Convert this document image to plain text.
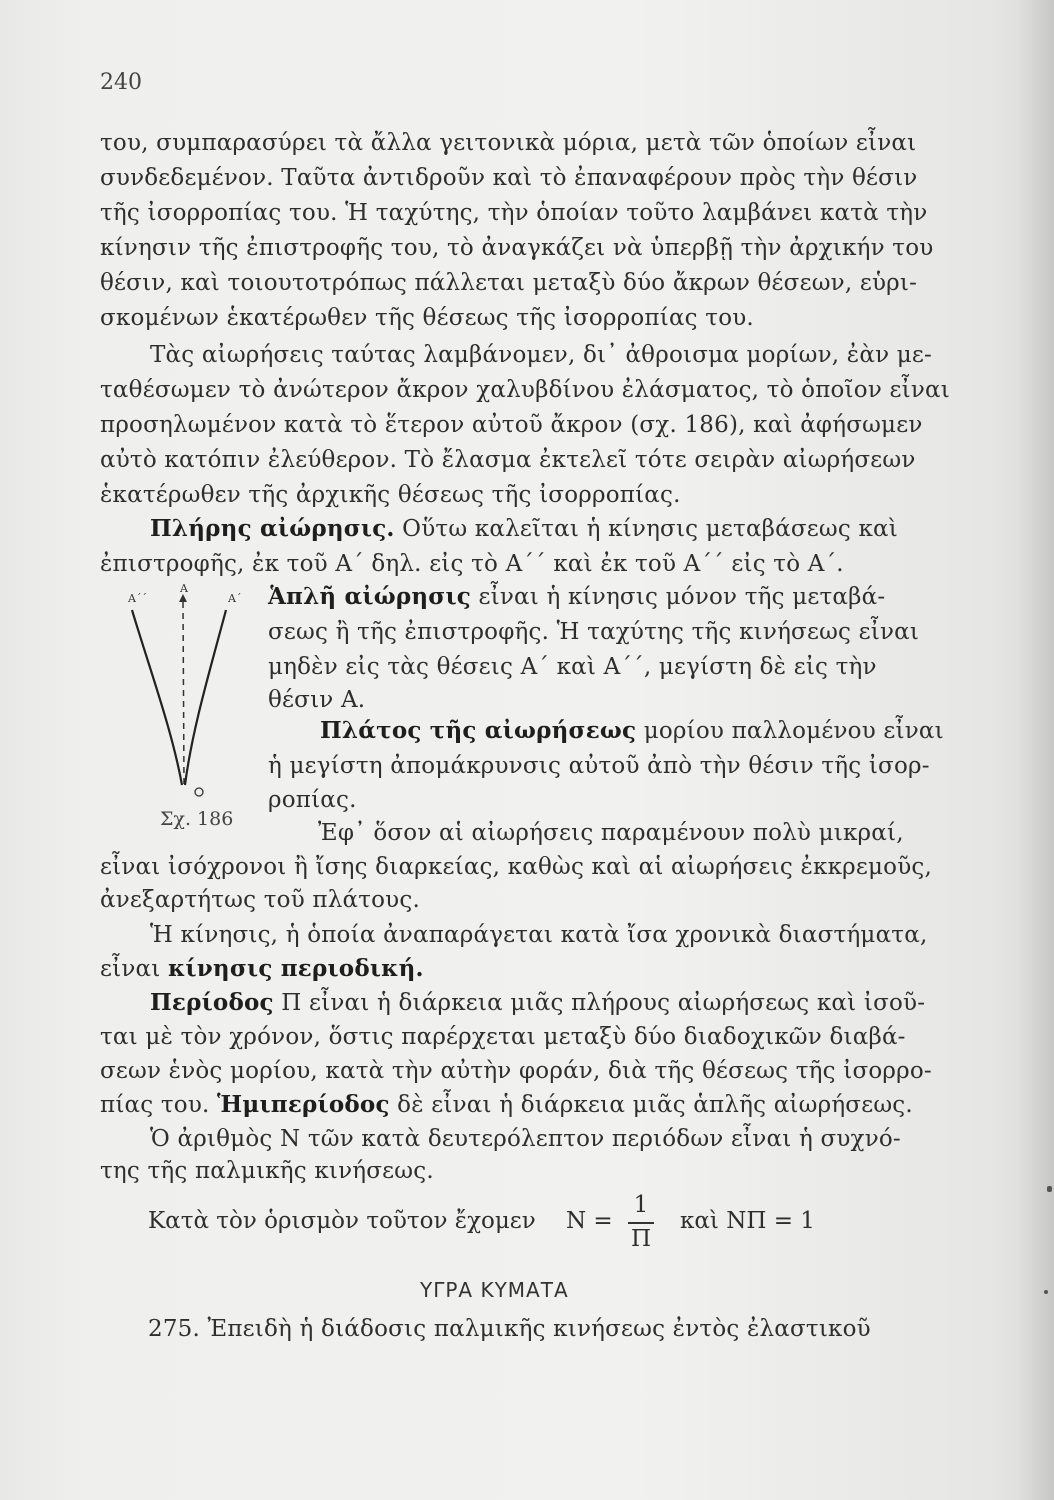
240
του, συμπαρασύρει τὰ ἄλλα γειτονικὰ μόρια, μετὰ τῶν ὁποίων εἶναι
συνδεδεμένον. Ταῦτα ἀντιδροῦν καὶ τὸ ἐπαναφέρουν πρὸς τὴν θέσιν
τῆς ἰσορροπίας του. Ἡ ταχύτης, τὴν ὁποίαν τοῦτο λαμβάνει κατὰ τὴν
κίνησιν τῆς ἐπιστροφῆς του, τὸ ἀναγκάζει νὰ ὑπερβῇ τὴν ἀρχικήν του
θέσιν, καὶ τοιουτοτρόπως πάλλεται μεταξὺ δύο ἄκρων θέσεων, εὑρι-
σκομένων ἑκατέρωθεν τῆς θέσεως τῆς ἰσορροπίας του.
Τὰς αἰωρήσεις ταύτας λαμβάνομεν, δι᾿ ἀθροισμα μορίων, ἐὰν με-
ταθέσωμεν τὸ ἀνώτερον ἄκρον χαλυβδίνου ἐλάσματος, τὸ ὁποῖον εἶναι
προσηλωμένον κατὰ τὸ ἕτερον αὐτοῦ ἄκρον (σχ. 186), καὶ ἀφήσωμεν
αὐτὸ κατόπιν ἐλεύθερον. Τὸ ἔλασμα ἐκτελεῖ τότε σειρὰν αἰωρήσεων
ἑκατέρωθεν τῆς ἀρχικῆς θέσεως τῆς ἰσορροπίας.
Πλήρης αἰώρησις. Οὕτω καλεῖται ἡ κίνησις μεταβάσεως καὶ
ἐπιστροφῆς, ἐκ τοῦ Α΄ δηλ. εἰς τὸ Α΄΄ καὶ ἐκ τοῦ Α΄΄ εἰς τὸ Α΄.
Α΄΄
Α
Α΄
Σχ. 186
Ἁπλῆ αἰώρησις εἶναι ἡ κίνησις μόνον τῆς μεταβά-
σεως ἢ τῆς ἐπιστροφῆς. Ἡ ταχύτης τῆς κινήσεως εἶναι
μηδὲν εἰς τὰς θέσεις Α΄ καὶ Α΄΄, μεγίστη δὲ εἰς τὴν
θέσιν Α.
Πλάτος τῆς αἰωρήσεως μορίου παλλομένου εἶναι
ἡ μεγίστη ἀπομάκρυνσις αὐτοῦ ἀπὸ τὴν θέσιν τῆς ἰσορ-
ροπίας.
Ἐφ᾿ ὅσον αἱ αἰωρήσεις παραμένουν πολὺ μικραί,
εἶναι ἰσόχρονοι ἢ ἴσης διαρκείας, καθὼς καὶ αἱ αἰωρήσεις ἐκκρεμοῦς,
ἀνεξαρτήτως τοῦ πλάτους.
Ἡ κίνησις, ἡ ὁποία ἀναπαράγεται κατὰ ἴσα χρονικὰ διαστήματα,
εἶναι κίνησις περιοδική.
Περίοδος Π εἶναι ἡ διάρκεια μιᾶς πλήρους αἰωρήσεως καὶ ἰσοῦ-
ται μὲ τὸν χρόνον, ὅστις παρέρχεται μεταξὺ δύο διαδοχικῶν διαβά-
σεων ἑνὸς μορίου, κατὰ τὴν αὐτὴν φοράν, διὰ τῆς θέσεως τῆς ἰσορρο-
πίας του. Ἡμιπερίοδος δὲ εἶναι ἡ διάρκεια μιᾶς ἁπλῆς αἰωρήσεως.
Ὁ ἀριθμὸς Ν τῶν κατὰ δευτερόλεπτον περιόδων εἶναι ἡ συχνό-
της τῆς παλμικῆς κινήσεως.
Κατὰ τὸν ὁρισμὸν τοῦτον ἔχομεν Ν =
1
Π
καὶ ΝΠ = 1
ΥΓΡΑ ΚΥΜΑΤΑ
275. Ἐπειδὴ ἡ διάδοσις παλμικῆς κινήσεως ἐντὸς ἐλαστικοῦ
